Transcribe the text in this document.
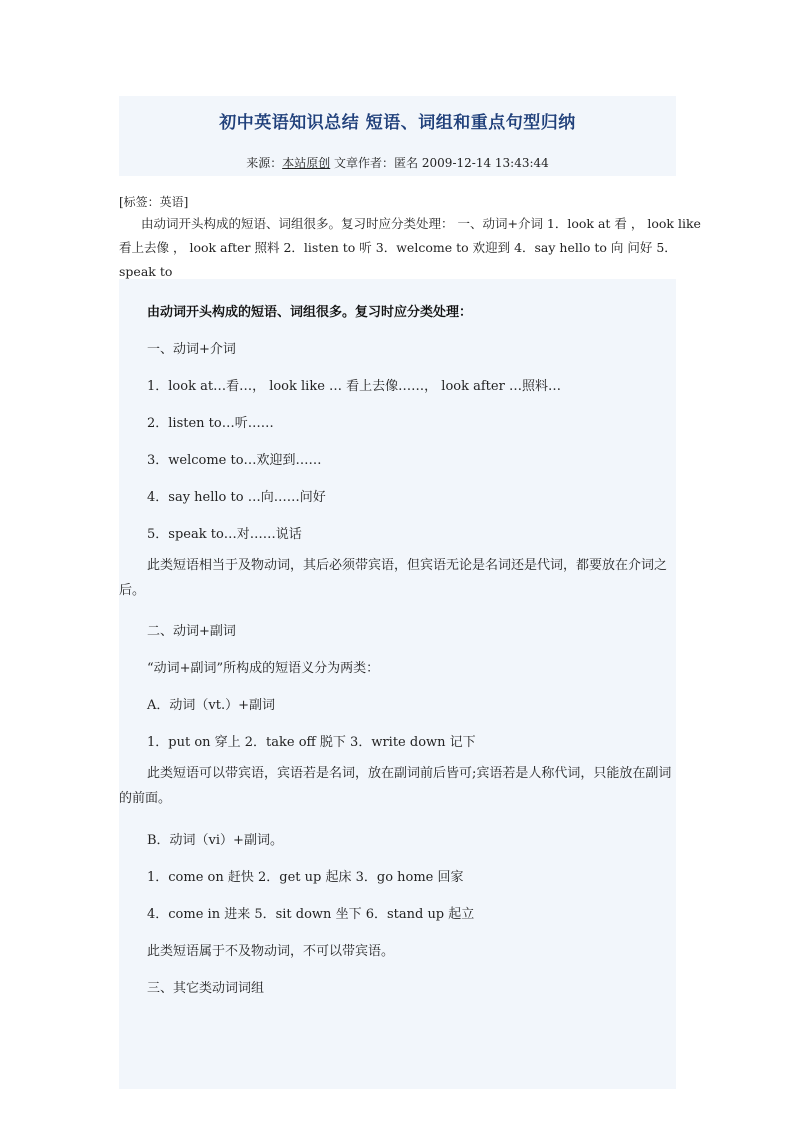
初中英语知识总结 短语、词组和重点句型归纳
来源：本站原创 文章作者：匿名 2009-12-14 13:43:44
[标签：英语]
由动词开头构成的短语、词组很多。复习时应分类处理： 一、动词+介词 1．look at 看 ， look like 看上去像 ， look after 照料 2．listen to 听 3．welcome to 欢迎到 4．say hello to 向 问好 5．speak to
由动词开头构成的短语、词组很多。复习时应分类处理：
一、动词+介词
1．look at…看…， look like … 看上去像……， look after …照料…
2．listen to…听……
3．welcome to…欢迎到……
4．say hello to …向……问好
5．speak to…对……说话
此类短语相当于及物动词，其后必须带宾语，但宾语无论是名词还是代词，都要放在介词之后。
二、动词+副词
“动词+副词”所构成的短语义分为两类：
A．动词（vt.）+副词
1．put on 穿上 2．take off 脱下 3．write down 记下
此类短语可以带宾语，宾语若是名词，放在副词前后皆可;宾语若是人称代词，只能放在副词的前面。
B．动词（vi）+副词。
1．come on 赶快 2．get up 起床 3．go home 回家
4．come in 进来 5．sit down 坐下 6．stand up 起立
此类短语属于不及物动词，不可以带宾语。
三、其它类动词词组
